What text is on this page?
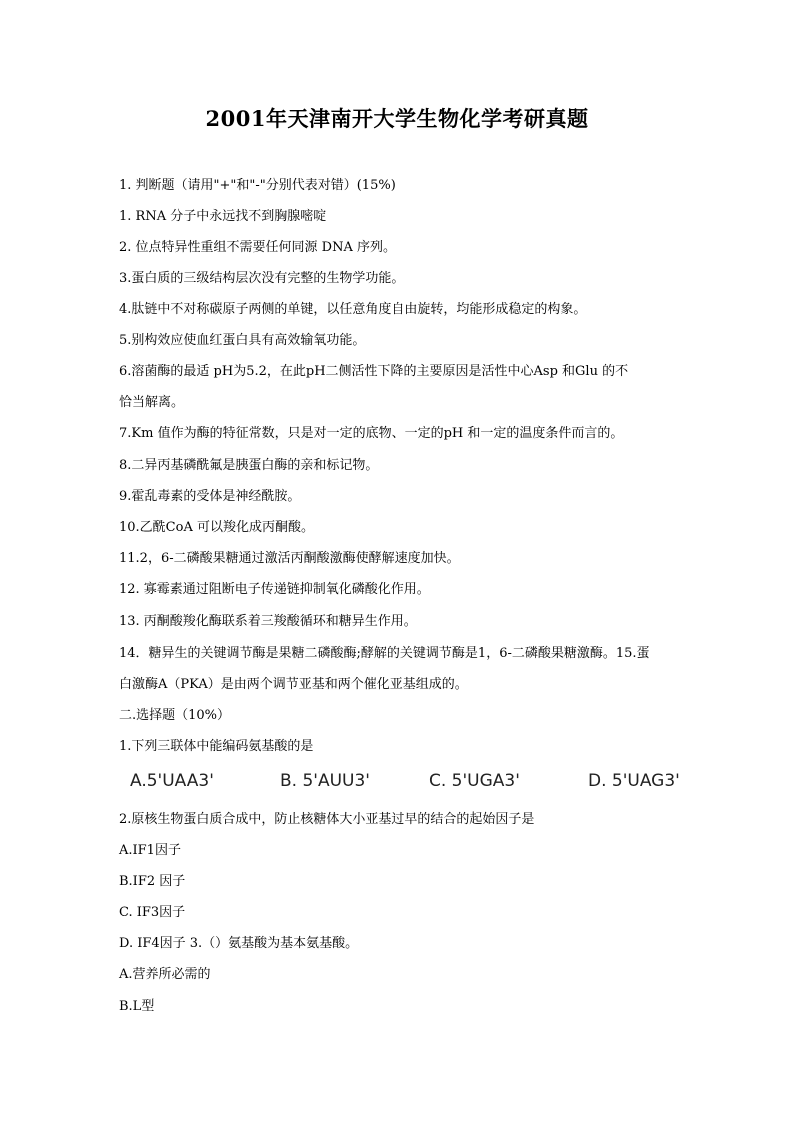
2001年天津南开大学生物化学考研真题
1. 判断题（请用"+"和"-"分别代表对错）(15%)
1. RNA 分子中永远找不到胸腺嘧啶
2. 位点特异性重组不需要任何同源 DNA 序列。
3.蛋白质的三级结构层次没有完整的生物学功能。
4.肽链中不对称碳原子两侧的单键，以任意角度自由旋转，均能形成稳定的构象。
5.别构效应使血红蛋白具有高效输氧功能。
6.溶菌酶的最适 pH为5.2，在此pH二侧活性下降的主要原因是活性中心Asp 和Glu 的不
恰当解离。
7.Km 值作为酶的特征常数，只是对一定的底物、一定的pH 和一定的温度条件而言的。
8.二异丙基磷酰氟是胰蛋白酶的亲和标记物。
9.霍乱毒素的受体是神经酰胺。
10.乙酰CoA 可以羧化成丙酮酸。
11.2，6-二磷酸果糖通过激活丙酮酸激酶使酵解速度加快。
12. 寡霉素通过阻断电子传递链抑制氧化磷酸化作用。
13. 丙酮酸羧化酶联系着三羧酸循环和糖异生作用。
14．糖异生的关键调节酶是果糖二磷酸酶;酵解的关键调节酶是1，6-二磷酸果糖激酶。15.蛋
白激酶A（PKA）是由两个调节亚基和两个催化亚基组成的。
二.选择题（10%）
1.下列三联体中能编码氨基酸的是
A.5'UAA3'	B. 5'AUU3'	C. 5'UGA3'	D. 5'UAG3'
2.原核生物蛋白质合成中，防止核糖体大小亚基过早的结合的起始因子是
A.IF1因子
B.IF2 因子
C. IF3因子
D. IF4因子 3.（）氨基酸为基本氨基酸。
A.营养所必需的
B.L型
